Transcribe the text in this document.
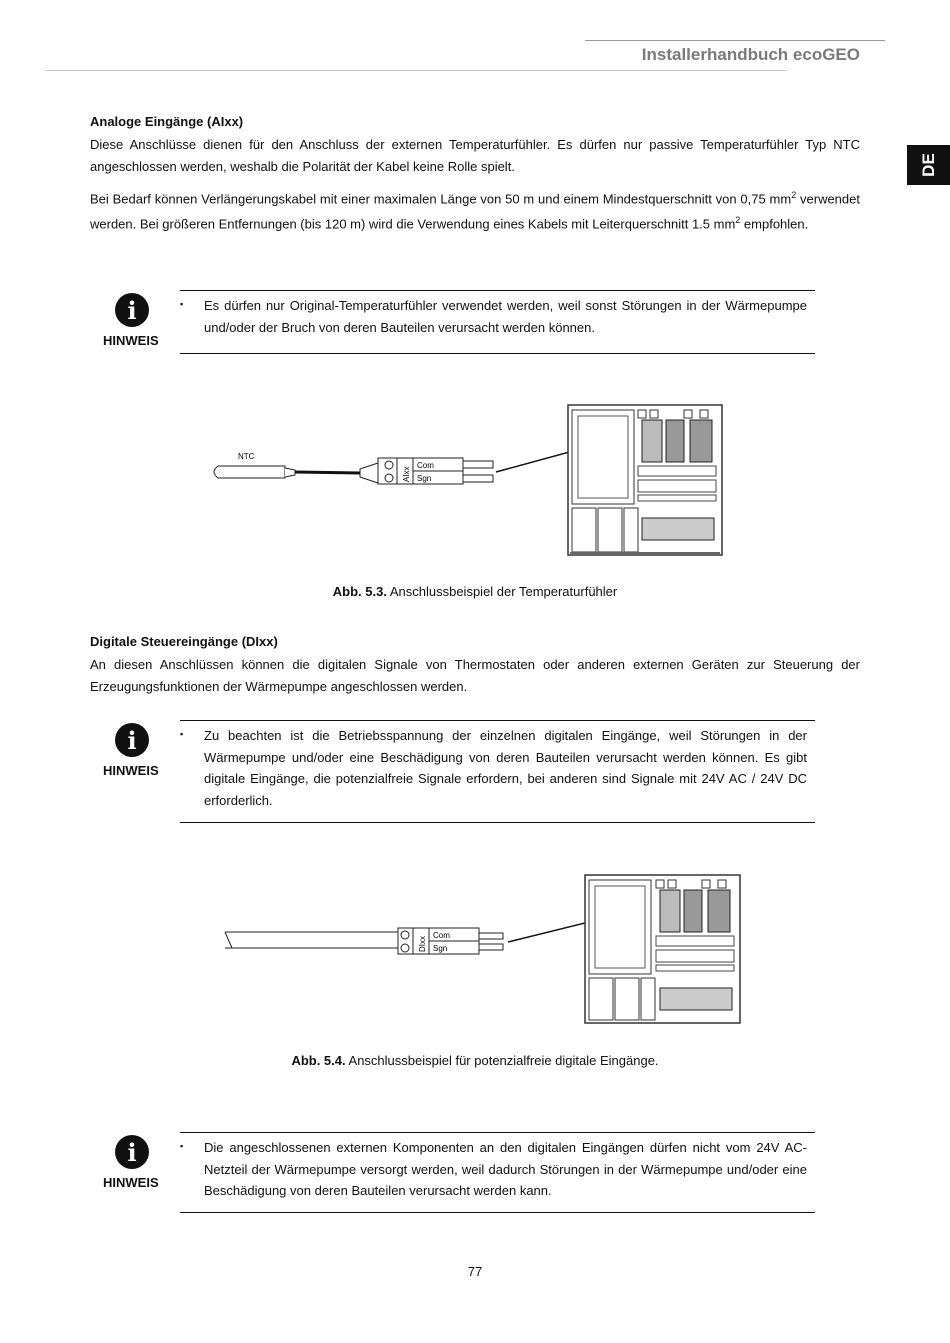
Installerhandbuch ecoGEO
DE
Analoge Eingänge (AIxx)
Diese Anschlüsse dienen für den Anschluss der externen Temperaturfühler. Es dürfen nur passive Temperaturfühler Typ NTC angeschlossen werden, weshalb die Polarität der Kabel keine Rolle spielt.
Bei Bedarf können Verlängerungskabel mit einer maximalen Länge von 50 m und einem Mindestquerschnitt von 0,75 $mm^2$ verwendet werden. Bei größeren Entfernungen (bis 120 m) wird die Verwendung eines Kabels mit Leiterquerschnitt 1.5 $mm^2$ empfohlen.
i
HINWEIS
▪ Es dürfen nur Original-Temperaturfühler verwendet werden, weil sonst Störungen in der Wärmepumpe und/oder der Bruch von deren Bauteilen verursacht werden können.
NTC
AIxx
Com
Sgn
Abb. 5.3. Anschlussbeispiel der Temperaturfühler
Digitale Steuereingänge (DIxx)
An diesen Anschlüssen können die digitalen Signale von Thermostaten oder anderen externen Geräten zur Steuerung der Erzeugungsfunktionen der Wärmepumpe angeschlossen werden.
i
HINWEIS
▪ Zu beachten ist die Betriebsspannung der einzelnen digitalen Eingänge, weil Störungen in der Wärmepumpe und/oder eine Beschädigung von deren Bauteilen verursacht werden können. Es gibt digitale Eingänge, die potenzialfreie Signale erfordern, bei anderen sind Signale mit 24V AC / 24V DC erforderlich.
DIxx
Com
Sgn
Abb. 5.4. Anschlussbeispiel für potenzialfreie digitale Eingänge.
i
HINWEIS
▪ Die angeschlossenen externen Komponenten an den digitalen Eingängen dürfen nicht vom 24V AC-Netzteil der Wärmepumpe versorgt werden, weil dadurch Störungen in der Wärmepumpe und/oder eine Beschädigung von deren Bauteilen verursacht werden kann.
77
